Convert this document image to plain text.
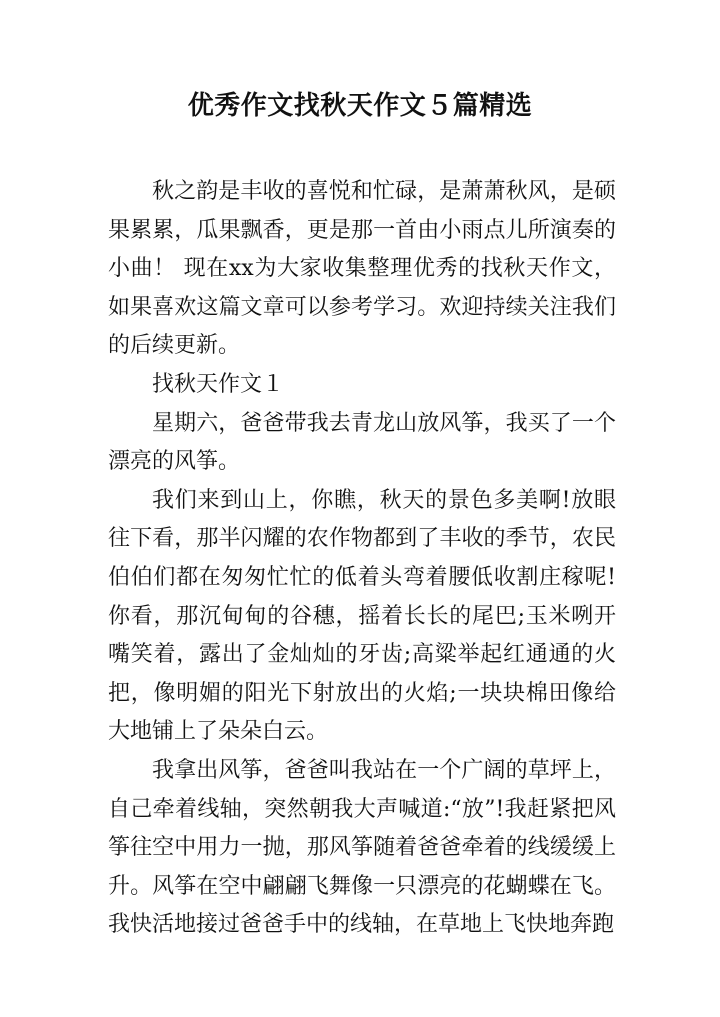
优秀作文找秋天作文５篇精选

秋之韵是丰收的喜悦和忙碌，是萧萧秋风，是硕果累累，瓜果飘香，更是那一首由小雨点儿所演奏的小曲！ 现在xx为大家收集整理优秀的找秋天作文，如果喜欢这篇文章可以参考学习。欢迎持续关注我们的后续更新。

找秋天作文１

星期六，爸爸带我去青龙山放风筝，我买了一个漂亮的风筝。

我们来到山上，你瞧，秋天的景色多美啊!放眼往下看，那半闪耀的农作物都到了丰收的季节，农民伯伯们都在匆匆忙忙的低着头弯着腰低收割庄稼呢!你看，那沉甸甸的谷穗，摇着长长的尾巴;玉米咧开嘴笑着，露出了金灿灿的牙齿;高粱举起红通通的火把，像明媚的阳光下射放出的火焰;一块块棉田像给大地铺上了朵朵白云。

我拿出风筝，爸爸叫我站在一个广阔的草坪上，自己牵着线轴，突然朝我大声喊道:“放”!我赶紧把风筝往空中用力一抛，那风筝随着爸爸牵着的线缓缓上升。风筝在空中翩翩飞舞像一只漂亮的花蝴蝶在飞。我快活地接过爸爸手中的线轴，在草地上飞快地奔跑
